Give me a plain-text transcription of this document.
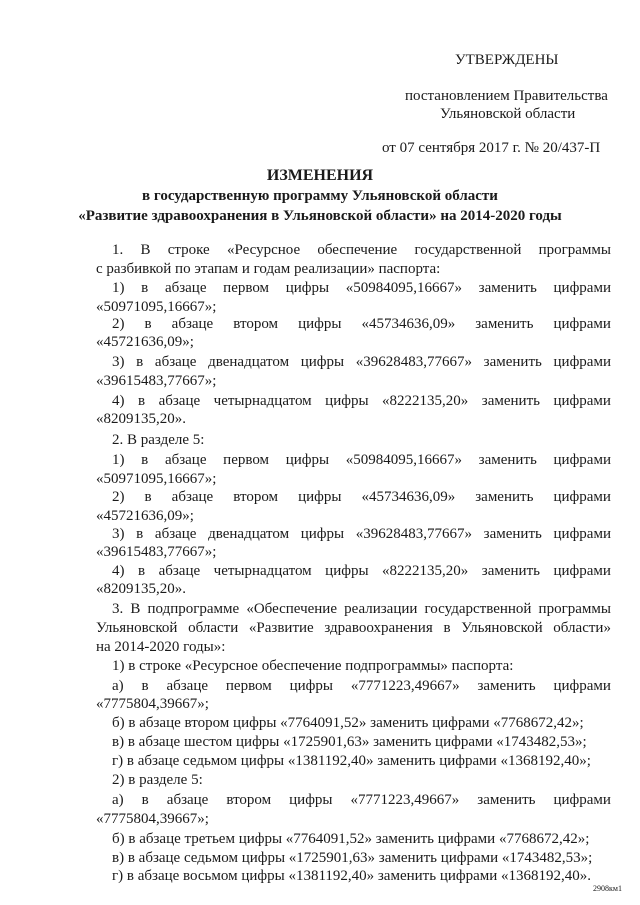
УТВЕРЖДЕНЫ
постановлением Правительства
Ульяновской области
от 07 сентября 2017 г. № 20/437-П
ИЗМЕНЕНИЯ
в государственную программу Ульяновской области
«Развитие здравоохранения в Ульяновской области» на 2014-2020 годы
1. В строке «Ресурсное обеспечение государственной программы
с разбивкой по этапам и годам реализации» паспорта:
1) в абзаце первом цифры «50984095,16667» заменить цифрами
«50971095,16667»;
2) в абзаце втором цифры «45734636,09» заменить цифрами
«45721636,09»;
3) в абзаце двенадцатом цифры «39628483,77667» заменить цифрами
«39615483,77667»;
4) в абзаце четырнадцатом цифры «8222135,20» заменить цифрами
«8209135,20».
2. В разделе 5:
1) в абзаце первом цифры «50984095,16667» заменить цифрами
«50971095,16667»;
2) в абзаце втором цифры «45734636,09» заменить цифрами
«45721636,09»;
3) в абзаце двенадцатом цифры «39628483,77667» заменить цифрами
«39615483,77667»;
4) в абзаце четырнадцатом цифры «8222135,20» заменить цифрами
«8209135,20».
3. В подпрограмме «Обеспечение реализации государственной программы
Ульяновской области «Развитие здравоохранения в Ульяновской области»
на 2014-2020 годы»:
1) в строке «Ресурсное обеспечение подпрограммы» паспорта:
а) в абзаце первом цифры «7771223,49667» заменить цифрами
«7775804,39667»;
б) в абзаце втором цифры «7764091,52» заменить цифрами «7768672,42»;
в) в абзаце шестом цифры «1725901,63» заменить цифрами «1743482,53»;
г) в абзаце седьмом цифры «1381192,40» заменить цифрами «1368192,40»;
2) в разделе 5:
а) в абзаце втором цифры «7771223,49667» заменить цифрами
«7775804,39667»;
б) в абзаце третьем цифры «7764091,52» заменить цифрами «7768672,42»;
в) в абзаце седьмом цифры «1725901,63» заменить цифрами «1743482,53»;
г) в абзаце восьмом цифры «1381192,40» заменить цифрами «1368192,40».
2908км1
